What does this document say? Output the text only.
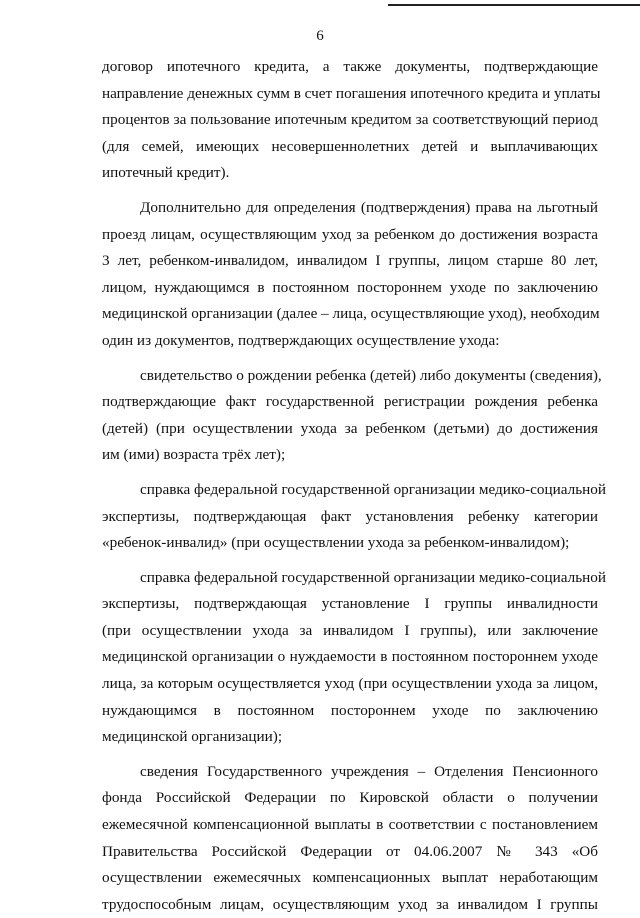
6
договор ипотечного кредита, а также документы, подтверждающие
направление денежных сумм в счет погашения ипотечного кредита и уплаты
процентов за пользование ипотечным кредитом за соответствующий период
(для семей, имеющих несовершеннолетних детей и выплачивающих
ипотечный кредит).
Дополнительно для определения (подтверждения) права на льготный
проезд лицам, осуществляющим уход за ребенком до достижения возраста
3 лет, ребенком-инвалидом, инвалидом I группы, лицом старше 80 лет,
лицом, нуждающимся в постоянном постороннем уходе по заключению
медицинской организации (далее – лица, осуществляющие уход), необходим
один из документов, подтверждающих осуществление ухода:
свидетельство о рождении ребенка (детей) либо документы (сведения),
подтверждающие факт государственной регистрации рождения ребенка
(детей) (при осуществлении ухода за ребенком (детьми) до достижения
им (ими) возраста трёх лет);
справка федеральной государственной организации медико-социальной
экспертизы, подтверждающая факт установления ребенку категории
«ребенок-инвалид» (при осуществлении ухода за ребенком-инвалидом);
справка федеральной государственной организации медико-социальной
экспертизы, подтверждающая установление I группы инвалидности
(при осуществлении ухода за инвалидом I группы), или заключение
медицинской организации о нуждаемости в постоянном постороннем уходе
лица, за которым осуществляется уход (при осуществлении ухода за лицом,
нуждающимся в постоянном постороннем уходе по заключению
медицинской организации);
сведения Государственного учреждения – Отделения Пенсионного
фонда Российской Федерации по Кировской области о получении
ежемесячной компенсационной выплаты в соответствии с постановлением
Правительства Российской Федерации от 04.06.2007 № 343 «Об
осуществлении ежемесячных компенсационных выплат неработающим
трудоспособным лицам, осуществляющим уход за инвалидом I группы
